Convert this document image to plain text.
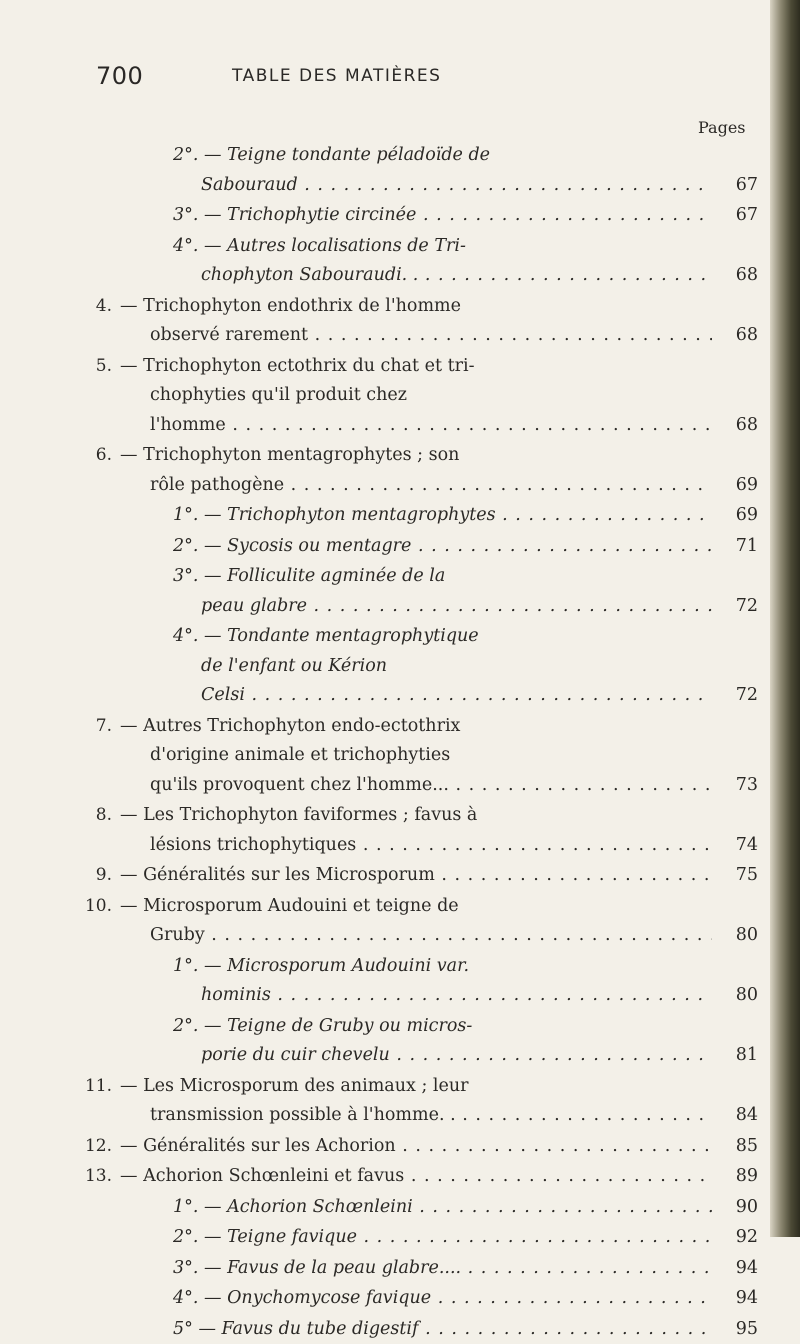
700	TABLE DES MATIÈRES
Pages
2°. — Teigne tondante péladoïde de
Sabouraud . . .	67
3°. — Trichophytie circinée . . .	67
4°. — Autres localisations de Tri-
chophyton Sabouraudi. . . . .	68
4. — Trichophyton endothrix de l'homme
observé rarement . . .	68
5. — Trichophyton ectothrix du chat et tri-
chophyties qu'il produit chez
l'homme . . .	68
6. — Trichophyton mentagrophytes ; son
rôle pathogène . . .	69
1°. — Trichophyton mentagrophytes . . .	69
2°. — Sycosis ou mentagre . . .	71
3°. — Folliculite agminée de la
peau glabre . . .	72
4°. — Tondante mentagrophytique
de l'enfant ou Kérion
Celsi . . .	72
7. — Autres Trichophyton endo-ectothrix
d'origine animale et trichophyties
qu'ils provoquent chez l'homme... . . .	73
8. — Les Trichophyton faviformes ; favus à
lésions trichophytiques . . .	74
9. — Généralités sur les Microsporum . . .	75
10. — Microsporum Audouini et teigne de
Gruby . . .	80
1°. — Microsporum Audouini var.
hominis . . .	80
2°. — Teigne de Gruby ou micros-
porie du cuir chevelu . . .	81
11. — Les Microsporum des animaux ; leur
transmission possible à l'homme. . . . .	84
12. — Généralités sur les Achorion . . .	85
13. — Achorion Schœnleini et favus . . .	89
1°. — Achorion Schœnleini . . .	90
2°. — Teigne favique . . .	92
3°. — Favus de la peau glabre.... . . .	94
4°. — Onychomycose favique . . .	94
5° — Favus du tube digestif . . .	95
